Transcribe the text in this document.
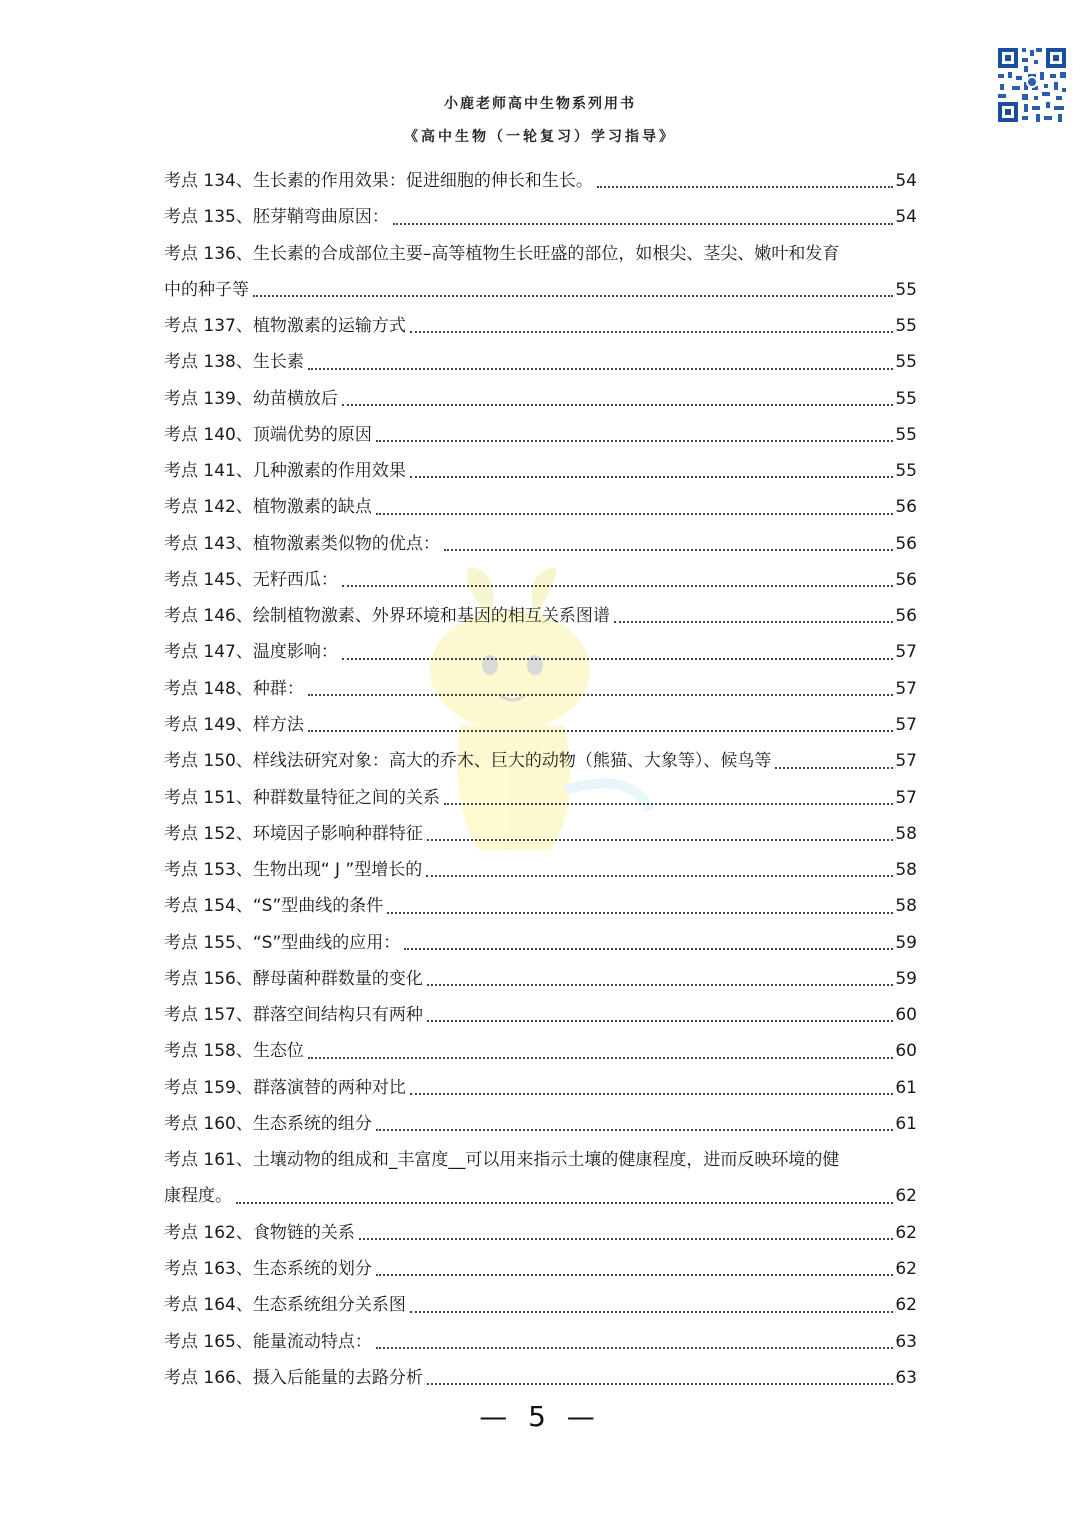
小鹿老师高中生物系列用书
《高中生物（一轮复习）学习指导》
考点 134、生长素的作用效果：促进细胞的伸长和生长。	54
考点 135、胚芽鞘弯曲原因：	54
考点 136、生长素的合成部位主要–高等植物生长旺盛的部位，如根尖、茎尖、嫩叶和发育
中的种子等	55
考点 137、植物激素的运输方式	55
考点 138、生长素	55
考点 139、幼苗横放后	55
考点 140、顶端优势的原因	55
考点 141、几种激素的作用效果	55
考点 142、植物激素的缺点	56
考点 143、植物激素类似物的优点：	56
考点 145、无籽西瓜：	56
考点 146、绘制植物激素、外界环境和基因的相互关系图谱	56
考点 147、温度影响：	57
考点 148、种群：	57
考点 149、样方法	57
考点 150、样线法研究对象：高大的乔木、巨大的动物（熊猫、大象等）、候鸟等	57
考点 151、种群数量特征之间的关系	57
考点 152、环境因子影响种群特征	58
考点 153、生物出现“ J ”型增长的	58
考点 154、“S”型曲线的条件	58
考点 155、“S”型曲线的应用：	59
考点 156、酵母菌种群数量的变化	59
考点 157、群落空间结构只有两种	60
考点 158、生态位	60
考点 159、群落演替的两种对比	61
考点 160、生态系统的组分	61
考点 161、土壤动物的组成和_丰富度__可以用来指示土壤的健康程度，进而反映环境的健
康程度。	62
考点 162、食物链的关系	62
考点 163、生态系统的划分	62
考点 164、生态系统组分关系图	62
考点 165、能量流动特点：	63
考点 166、摄入后能量的去路分析	63
— 5 —
